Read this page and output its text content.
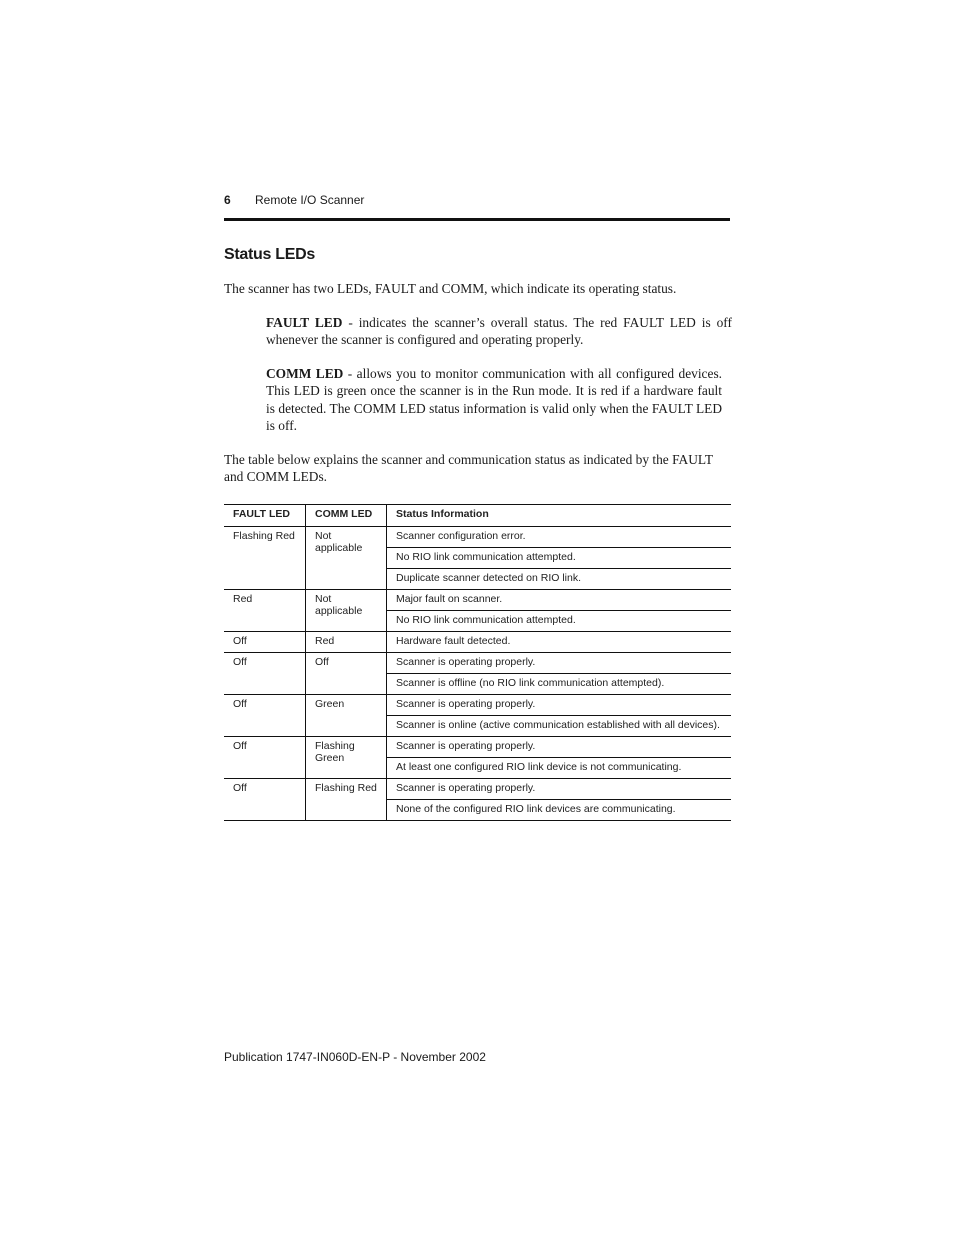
6 Remote I/O Scanner
Status LEDs

The scanner has two LEDs, FAULT and COMM, which indicate its operating status.

FAULT LED - indicates the scanner’s overall status. The red FAULT LED is off whenever the scanner is configured and operating properly.

COMM LED - allows you to monitor communication with all configured devices. This LED is green once the scanner is in the Run mode. It is red if a hardware fault is detected. The COMM LED status information is valid only when the FAULT LED is off.

The table below explains the scanner and communication status as indicated by the FAULT and COMM LEDs.

FAULT LED	COMM LED	Status Information
Flashing Red	Not applicable	Scanner configuration error.
		No RIO link communication attempted.
		Duplicate scanner detected on RIO link.
Red	Not applicable	Major fault on scanner.
		No RIO link communication attempted.
Off	Red	Hardware fault detected.
Off	Off	Scanner is operating properly.
		Scanner is offline (no RIO link communication attempted).
Off	Green	Scanner is operating properly.
		Scanner is online (active communication established with all devices).
Off	Flashing Green	Scanner is operating properly.
		At least one configured RIO link device is not communicating.
Off	Flashing Red	Scanner is operating properly.
		None of the configured RIO link devices are communicating.
Publication 1747-IN060D-EN-P - November 2002
